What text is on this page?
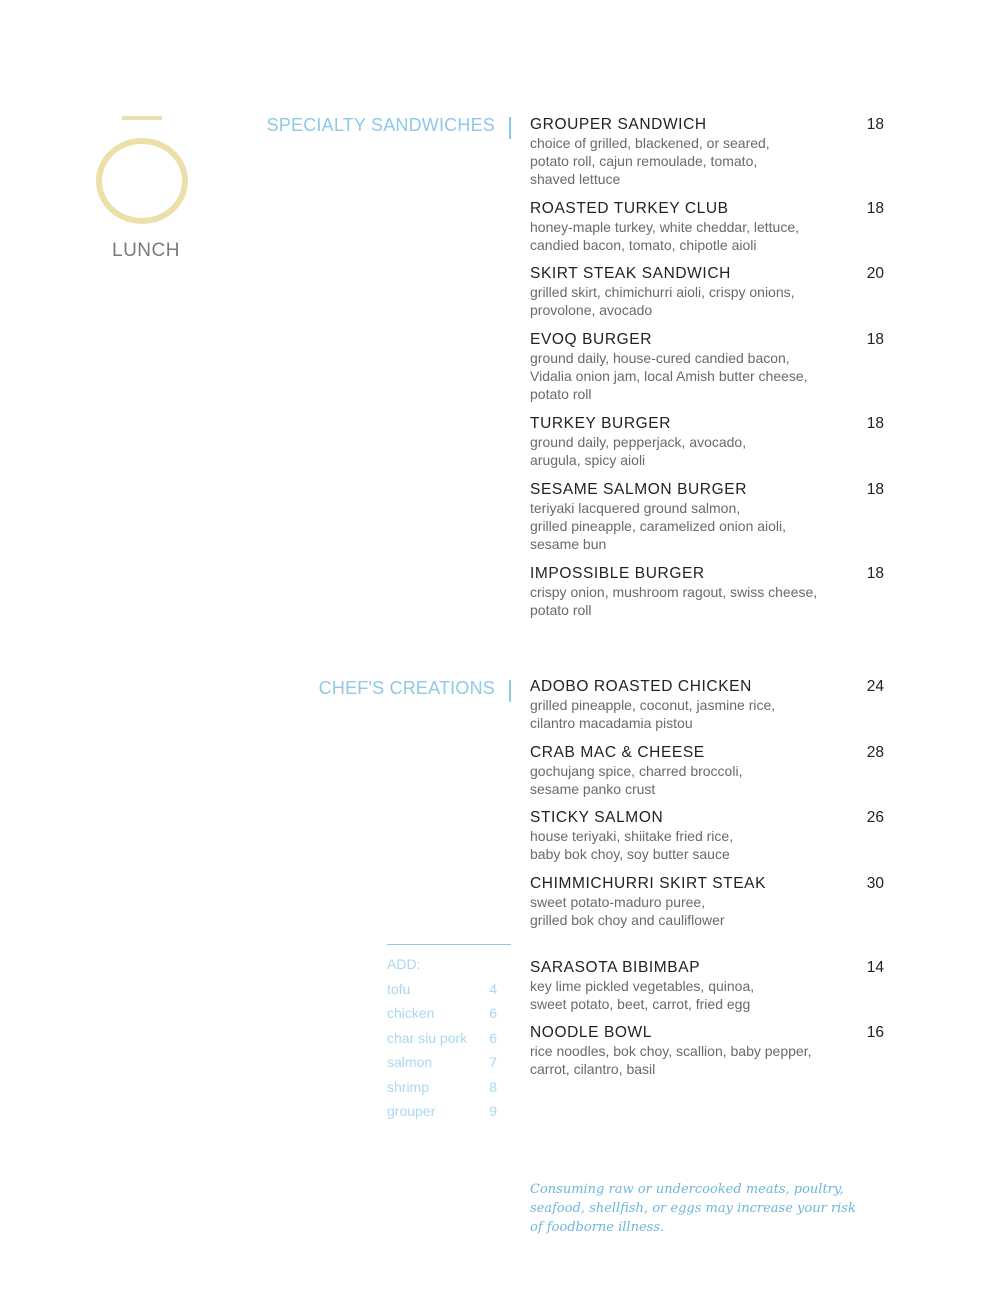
LUNCH
SPECIALTY SANDWICHES GROUPER SANDWICH	18
choice of grilled, blackened, or seared,
potato roll, cajun remoulade, tomato,
shaved lettuce
ROASTED TURKEY CLUB	18
honey-maple turkey, white cheddar, lettuce,
candied bacon, tomato, chipotle aioli
SKIRT STEAK SANDWICH	20
grilled skirt, chimichurri aioli, crispy onions,
provolone, avocado
EVOQ BURGER	18
ground daily, house-cured candied bacon,
Vidalia onion jam, local Amish butter cheese,
potato roll
TURKEY BURGER	18
ground daily, pepperjack, avocado,
arugula, spicy aioli
SESAME SALMON BURGER	18
teriyaki lacquered ground salmon,
grilled pineapple, caramelized onion aioli,
sesame bun
IMPOSSIBLE BURGER	18
crispy onion, mushroom ragout, swiss cheese,
potato roll
CHEF'S CREATIONS ADOBO ROASTED CHICKEN	24
grilled pineapple, coconut, jasmine rice,
cilantro macadamia pistou
CRAB MAC & CHEESE	28
gochujang spice, charred broccoli,
sesame panko crust
STICKY SALMON	26
house teriyaki, shiitake fried rice,
baby bok choy, soy butter sauce
CHIMMICHURRI SKIRT STEAK	30
sweet potato-maduro puree,
grilled bok choy and cauliflower
SARASOTA BIBIMBAP	14
key lime pickled vegetables, quinoa,
sweet potato, beet, carrot, fried egg
NOODLE BOWL	16
rice noodles, bok choy, scallion, baby pepper,
carrot, cilantro, basil
ADD:
tofu	4
chicken	6
char siu pork 6
salmon	7
shrimp	8
grouper	9
Consuming raw or undercooked meats, poultry,
seafood, shellfish, or eggs may increase your risk
of foodborne illness.
